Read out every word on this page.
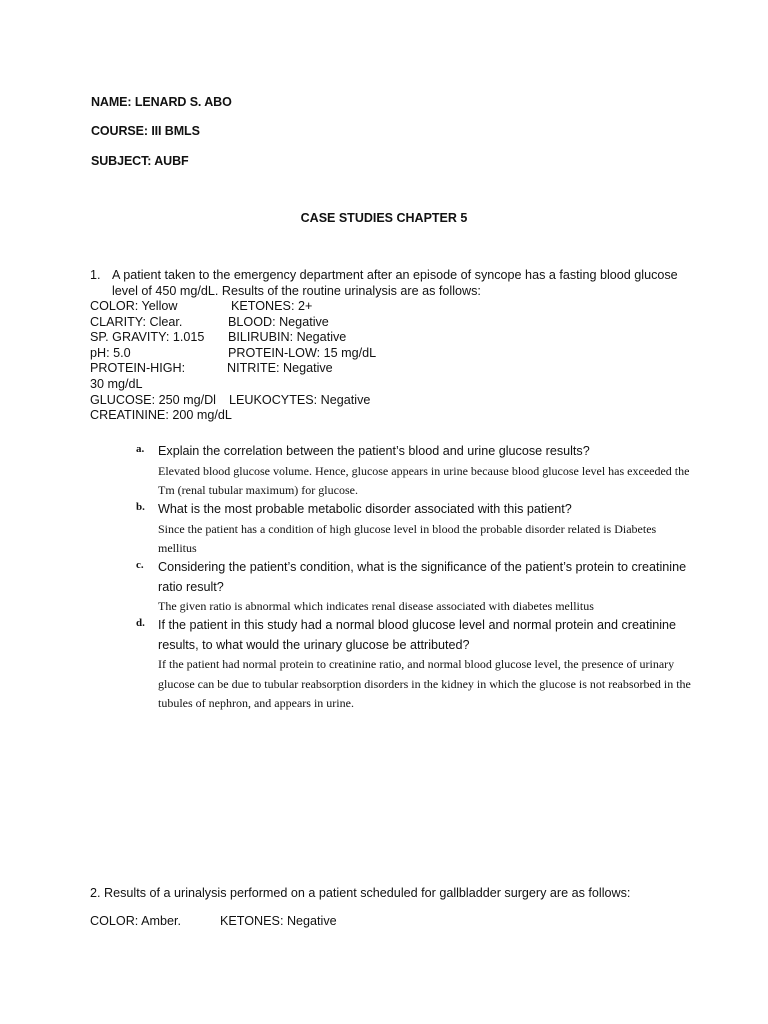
NAME: LENARD S. ABO
COURSE: III BMLS
SUBJECT: AUBF
CASE STUDIES CHAPTER 5
1. A patient taken to the emergency department after an episode of syncope has a fasting blood glucose level of 450 mg/dL. Results of the routine urinalysis are as follows:
COLOR: Yellow	KETONES: 2+
CLARITY: Clear.	BLOOD: Negative
SP. GRAVITY: 1.015 BILIRUBIN: Negative
pH: 5.0	PROTEIN-LOW: 15 mg/dL
PROTEIN-HIGH:	NITRITE: Negative
30 mg/dL
GLUCOSE: 250 mg/Dl LEUKOCYTES: Negative
CREATININE: 200 mg/dL
a. Explain the correlation between the patient’s blood and urine glucose results?
Elevated blood glucose volume. Hence, glucose appears in urine because blood glucose level has exceeded the Tm (renal tubular maximum) for glucose.
b. What is the most probable metabolic disorder associated with this patient?
Since the patient has a condition of high glucose level in blood the probable disorder related is Diabetes mellitus
c. Considering the patient’s condition, what is the significance of the patient’s protein to creatinine ratio result?
The given ratio is abnormal which indicates renal disease associated with diabetes mellitus
d. If the patient in this study had a normal blood glucose level and normal protein and creatinine results, to what would the urinary glucose be attributed?
If the patient had normal protein to creatinine ratio, and normal blood glucose level, the presence of urinary glucose can be due to tubular reabsorption disorders in the kidney in which the glucose is not reabsorbed in the tubules of nephron, and appears in urine.
2. Results of a urinalysis performed on a patient scheduled for gallbladder surgery are as follows:
COLOR: Amber.	KETONES: Negative
